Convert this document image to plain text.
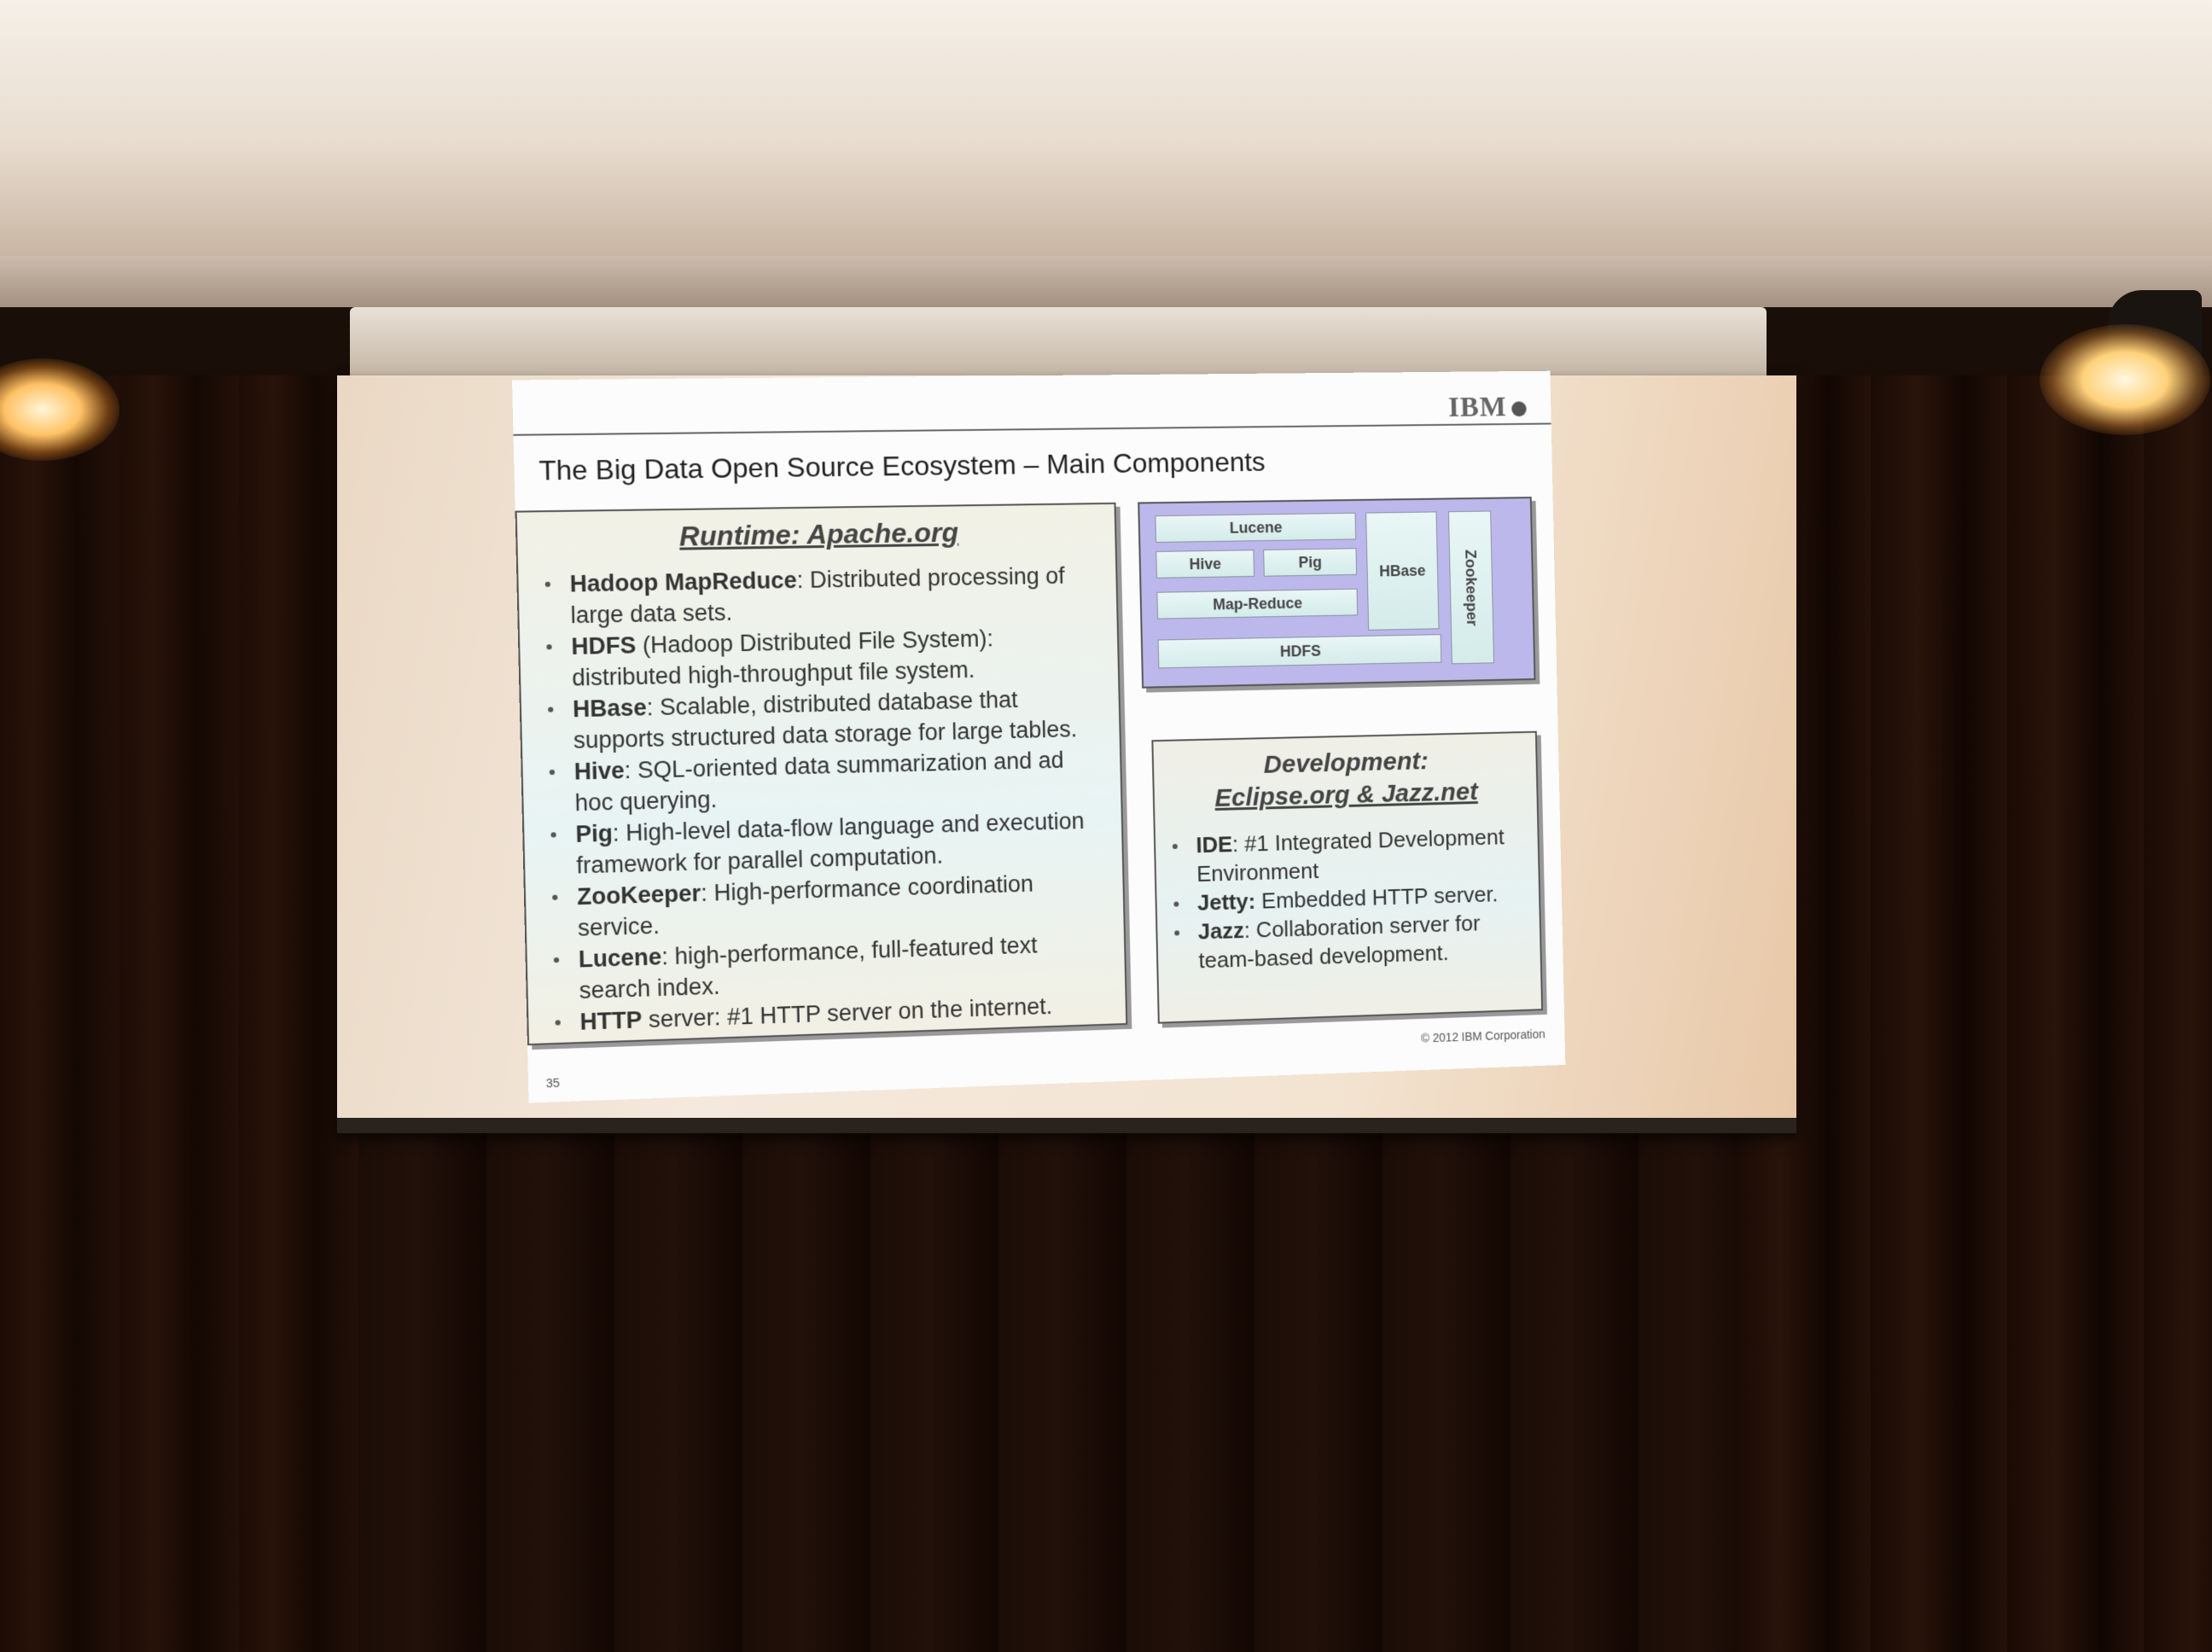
IBM
The Big Data Open Source Ecosystem – Main Components
Runtime: Apache.org
Hadoop MapReduce: Distributed processing of large data sets.
HDFS (Hadoop Distributed File System): distributed high-throughput file system.
HBase: Scalable, distributed database that supports structured data storage for large tables.
Hive: SQL-oriented data summarization and ad hoc querying.
Pig: High-level data-flow language and execution framework for parallel computation.
ZooKeeper: High-performance coordination service.
Lucene: high-performance, full-featured text search index.
HTTP server: #1 HTTP server on the internet.
Lucene
Hive	Pig	HBase Zookeeper
Map-Reduce
HDFS
Development:
Eclipse.org & Jazz.net
IDE: #1 Integrated Development Environment
Jetty: Embedded HTTP server.
Jazz: Collaboration server for team-based development.
© 2012 IBM Corporation
35
